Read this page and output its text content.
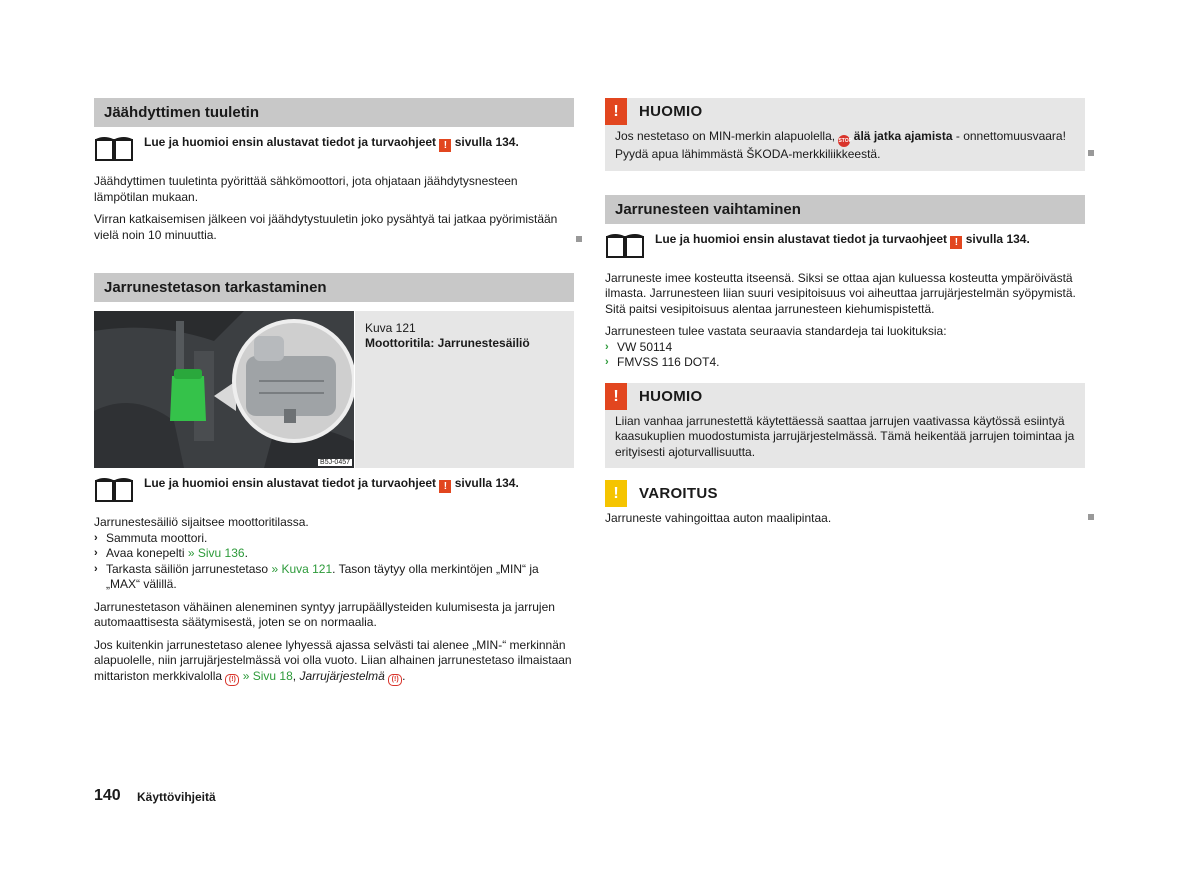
Jäähdyttimen tuuletin
Lue ja huomioi ensin alustavat tiedot ja turvaohjeet ! sivulla 134.

Jäähdyttimen tuuletinta pyörittää sähkömoottori, jota ohjataan jäähdytysnesteen lämpötilan mukaan.

Virran katkaisemisen jälkeen voi jäähdytystuuletin joko pysähtyä tai jatkaa pyörimistään vielä noin 10 minuuttia.

Jarrunestetason tarkastaminen
B5J-0457
Kuva 121
Moottoritila: Jarrunestesäiliö
Lue ja huomioi ensin alustavat tiedot ja turvaohjeet ! sivulla 134.

Jarrunestesäiliö sijaitsee moottoritilassa.

› Sammuta moottori.
› Avaa konepelti » Sivu 136.
› Tarkasta säiliön jarrunestetaso » Kuva 121. Tason täytyy olla merkintöjen „MIN“ ja „MAX“ välillä.

Jarrunestetason vähäinen aleneminen syntyy jarrupäällysteiden kulumisesta ja jarrujen automaattisesta säätymisestä, joten se on normaalia.

Jos kuitenkin jarrunestetaso alenee lyhyessä ajassa selvästi tai alenee „MIN-“ merkinnän alapuolelle, niin jarrujärjestelmässä voi olla vuoto. Liian alhainen jarrunestetaso ilmaistaan mittariston merkkivalolla (!) » Sivu 18, Jarrujärjestelmä (!) .

!	HUOMIO

Jos nestetaso on MIN-merkin alapuolella, STOP älä jatka ajamista - onnettomuusvaara! Pyydä apua lähimmästä ŠKODA-merkkiliikkeestä.

Jarrunesteen vaihtaminen
Lue ja huomioi ensin alustavat tiedot ja turvaohjeet ! sivulla 134.

Jarruneste imee kosteutta itseensä. Siksi se ottaa ajan kuluessa kosteutta ympäröivästä ilmasta. Jarrunesteen liian suuri vesipitoisuus voi aiheuttaa jarrujärjestelmän syöpymistä. Sitä paitsi vesipitoisuus alentaa jarrunesteen kiehumispistettä.

Jarrunesteen tulee vastata seuraavia standardeja tai luokituksia:

› VW 50114
› FMVSS 116 DOT4.
!	HUOMIO

Liian vanhaa jarrunestettä käytettäessä saattaa jarrujen vaativassa käytössä esiintyä kaasukuplien muodostumista jarrujärjestelmässä. Tämä heikentää jarrujen toimintaa ja erityisesti ajoturvallisuutta.

!	VAROITUS

Jarruneste vahingoittaa auton maalipintaa.

140 Käyttövihjeitä
